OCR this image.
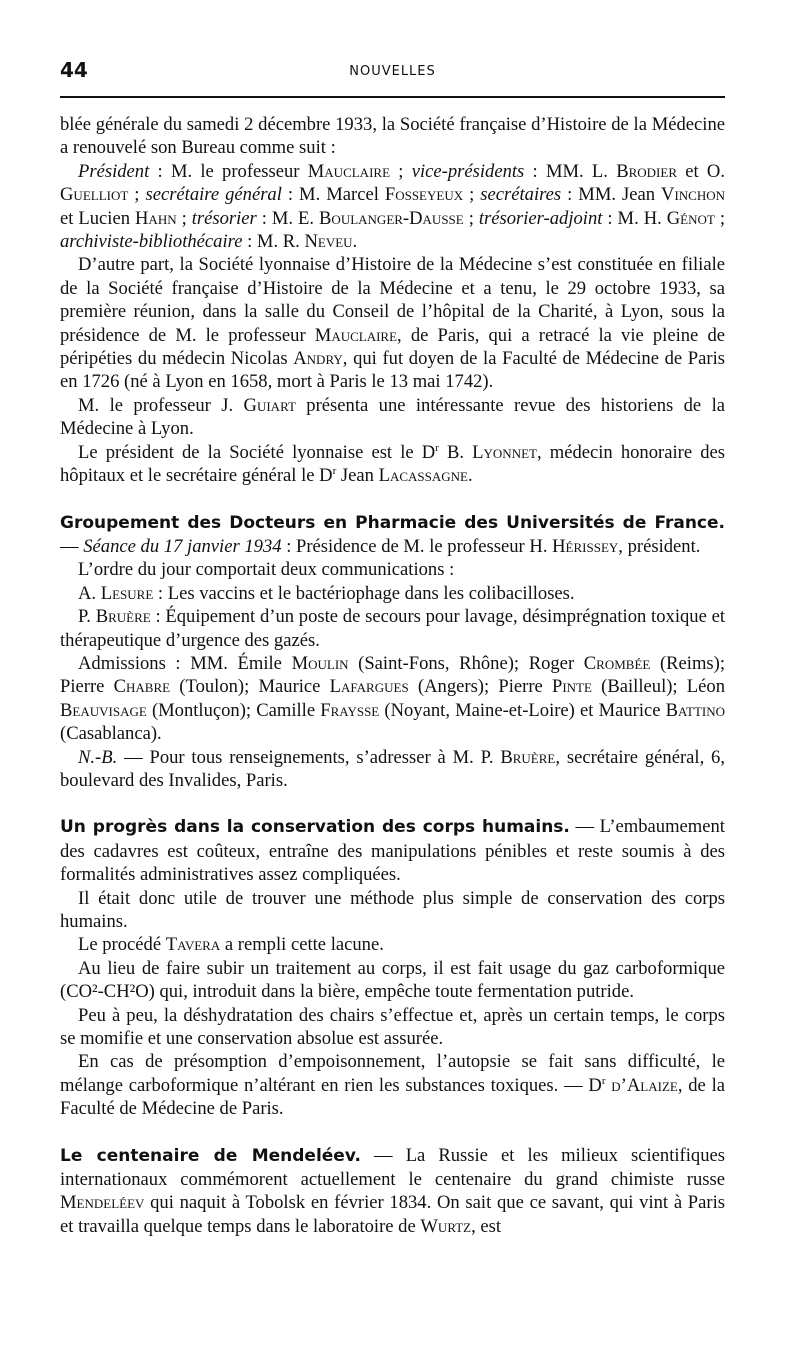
44	NOUVELLES

blée générale du samedi 2 décembre 1933, la Société française d’Histoire de la Médecine a renouvelé son Bureau comme suit :

Président : M. le professeur Mauclaire ; vice-présidents : MM. L. Brodier et O. Guelliot ; secrétaire général : M. Marcel Fosseyeux ; secrétaires : MM. Jean Vinchon et Lucien Hahn ; trésorier : M. E. Boulanger-Dausse ; trésorier-adjoint : M. H. Génot ; archiviste-bibliothécaire : M. R. Neveu.

D’autre part, la Société lyonnaise d’Histoire de la Médecine s’est constituée en filiale de la Société française d’Histoire de la Médecine et a tenu, le 29 octobre 1933, sa première réunion, dans la salle du Conseil de l’hôpital de la Charité, à Lyon, sous la présidence de M. le professeur Mauclaire, de Paris, qui a retracé la vie pleine de péripéties du médecin Nicolas Andry, qui fut doyen de la Faculté de Médecine de Paris en 1726 (né à Lyon en 1658, mort à Paris le 13 mai 1742).

M. le professeur J. Guiart présenta une intéressante revue des historiens de la Médecine à Lyon.

Le président de la Société lyonnaise est le $D^r$ B. Lyonnet, médecin honoraire des hôpitaux et le secrétaire général le $D^r$ Jean Lacassagne.

Groupement des Docteurs en Pharmacie des Universités de France. — Séance du 17 janvier 1934 : Présidence de M. le professeur H. Hérissey, président.

L’ordre du jour comportait deux communications :

A. Lesure : Les vaccins et le bactériophage dans les colibacilloses.

P. Bruère : Équipement d’un poste de secours pour lavage, désimprégnation toxique et thérapeutique d’urgence des gazés.

Admissions : MM. Émile Moulin (Saint-Fons, Rhône); Roger Crombée (Reims); Pierre Chabre (Toulon); Maurice Lafargues (Angers); Pierre Pinte (Bailleul); Léon Beauvisage (Montluçon); Camille Fraysse (Noyant, Maine-et-Loire) et Maurice Battino (Casablanca).

N.-B. — Pour tous renseignements, s’adresser à M. P. Bruère, secrétaire général, 6, boulevard des Invalides, Paris.

Un progrès dans la conservation des corps humains. — L’embaumement des cadavres est coûteux, entraîne des manipulations pénibles et reste soumis à des formalités administratives assez compliquées.

Il était donc utile de trouver une méthode plus simple de conservation des corps humains.

Le procédé Tavera a rempli cette lacune.

Au lieu de faire subir un traitement au corps, il est fait usage du gaz carboformique (CO²-CH²O) qui, introduit dans la bière, empêche toute fermentation putride.

Peu à peu, la déshydratation des chairs s’effectue et, après un certain temps, le corps se momifie et une conservation absolue est assurée.

En cas de présomption d’empoisonnement, l’autopsie se fait sans difficulté, le mélange carboformique n’altérant en rien les substances toxiques. — $D^r$ d’Alaize, de la Faculté de Médecine de Paris.

Le centenaire de Mendeléev. — La Russie et les milieux scientifiques internationaux commémorent actuellement le centenaire du grand chimiste russe Mendeléev qui naquit à Tobolsk en février 1834. On sait que ce savant, qui vint à Paris et travailla quelque temps dans le laboratoire de Wurtz, est
